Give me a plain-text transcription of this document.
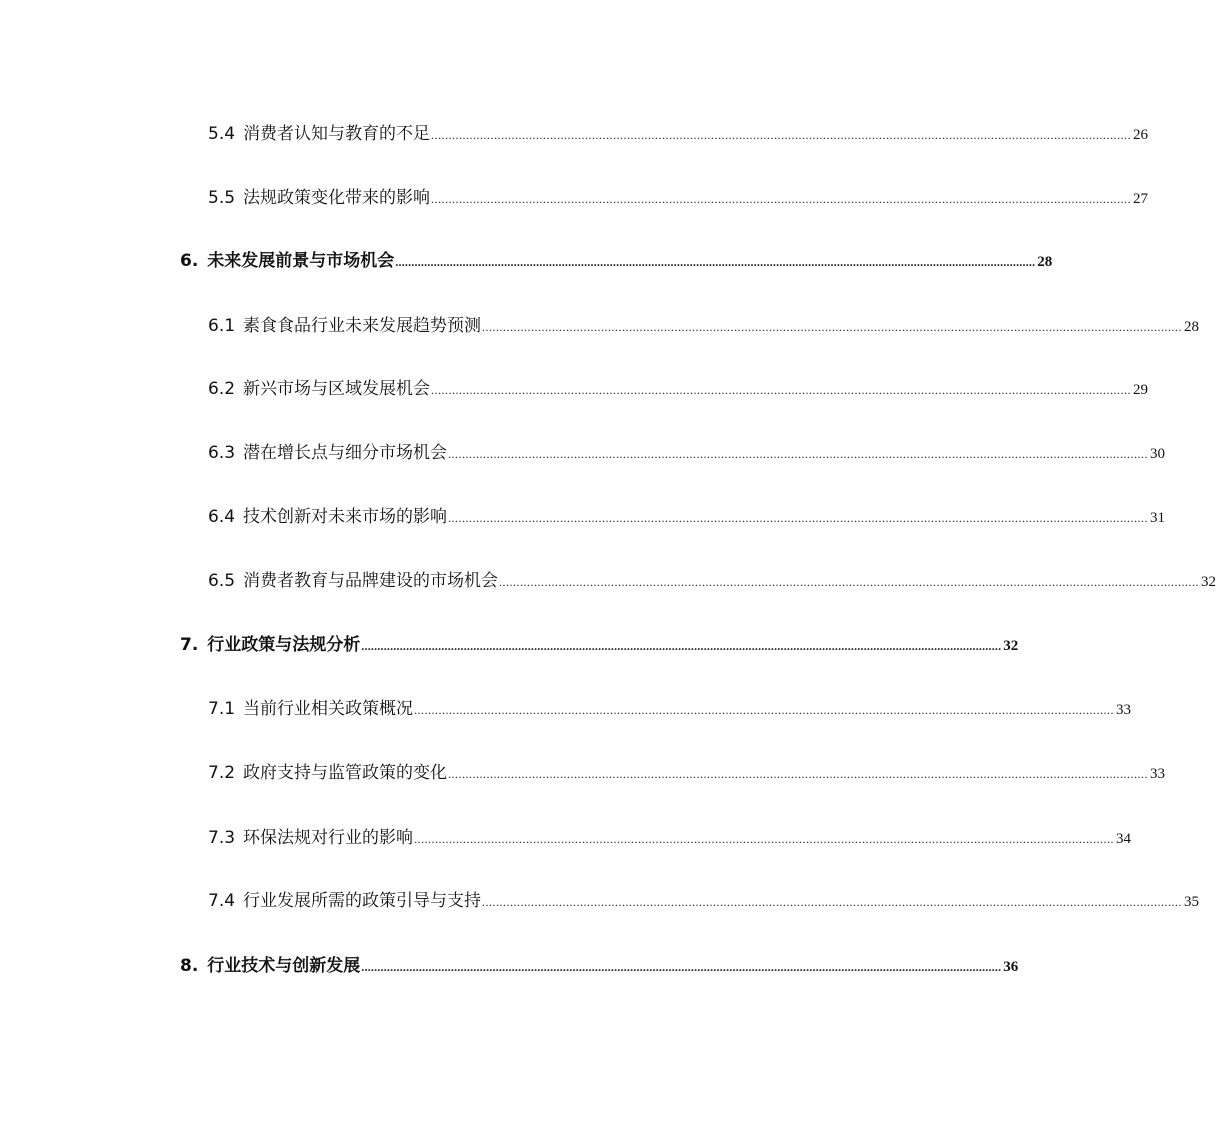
5.4 消费者认知与教育的不足 ........................................................................................................................................................................................................ 26
5.5 法规政策变化带来的影响 ........................................................................................................................................................................................................ 27
6. 未来发展前景与市场机会 ........................................................................................................................................................................................................ 28
6.1 素食食品行业未来发展趋势预测 ........................................................................................................................................................................................................ 28
6.2 新兴市场与区域发展机会 ........................................................................................................................................................................................................ 29
6.3 潜在增长点与细分市场机会 ........................................................................................................................................................................................................ 30
6.4 技术创新对未来市场的影响 ........................................................................................................................................................................................................ 31
6.5 消费者教育与品牌建设的市场机会 ........................................................................................................................................................................................................ 32
7. 行业政策与法规分析 ........................................................................................................................................................................................................ 32
7.1 当前行业相关政策概况 ........................................................................................................................................................................................................ 33
7.2 政府支持与监管政策的变化 ........................................................................................................................................................................................................ 33
7.3 环保法规对行业的影响 ........................................................................................................................................................................................................ 34
7.4 行业发展所需的政策引导与支持 ........................................................................................................................................................................................................ 35
8. 行业技术与创新发展 ........................................................................................................................................................................................................ 36
